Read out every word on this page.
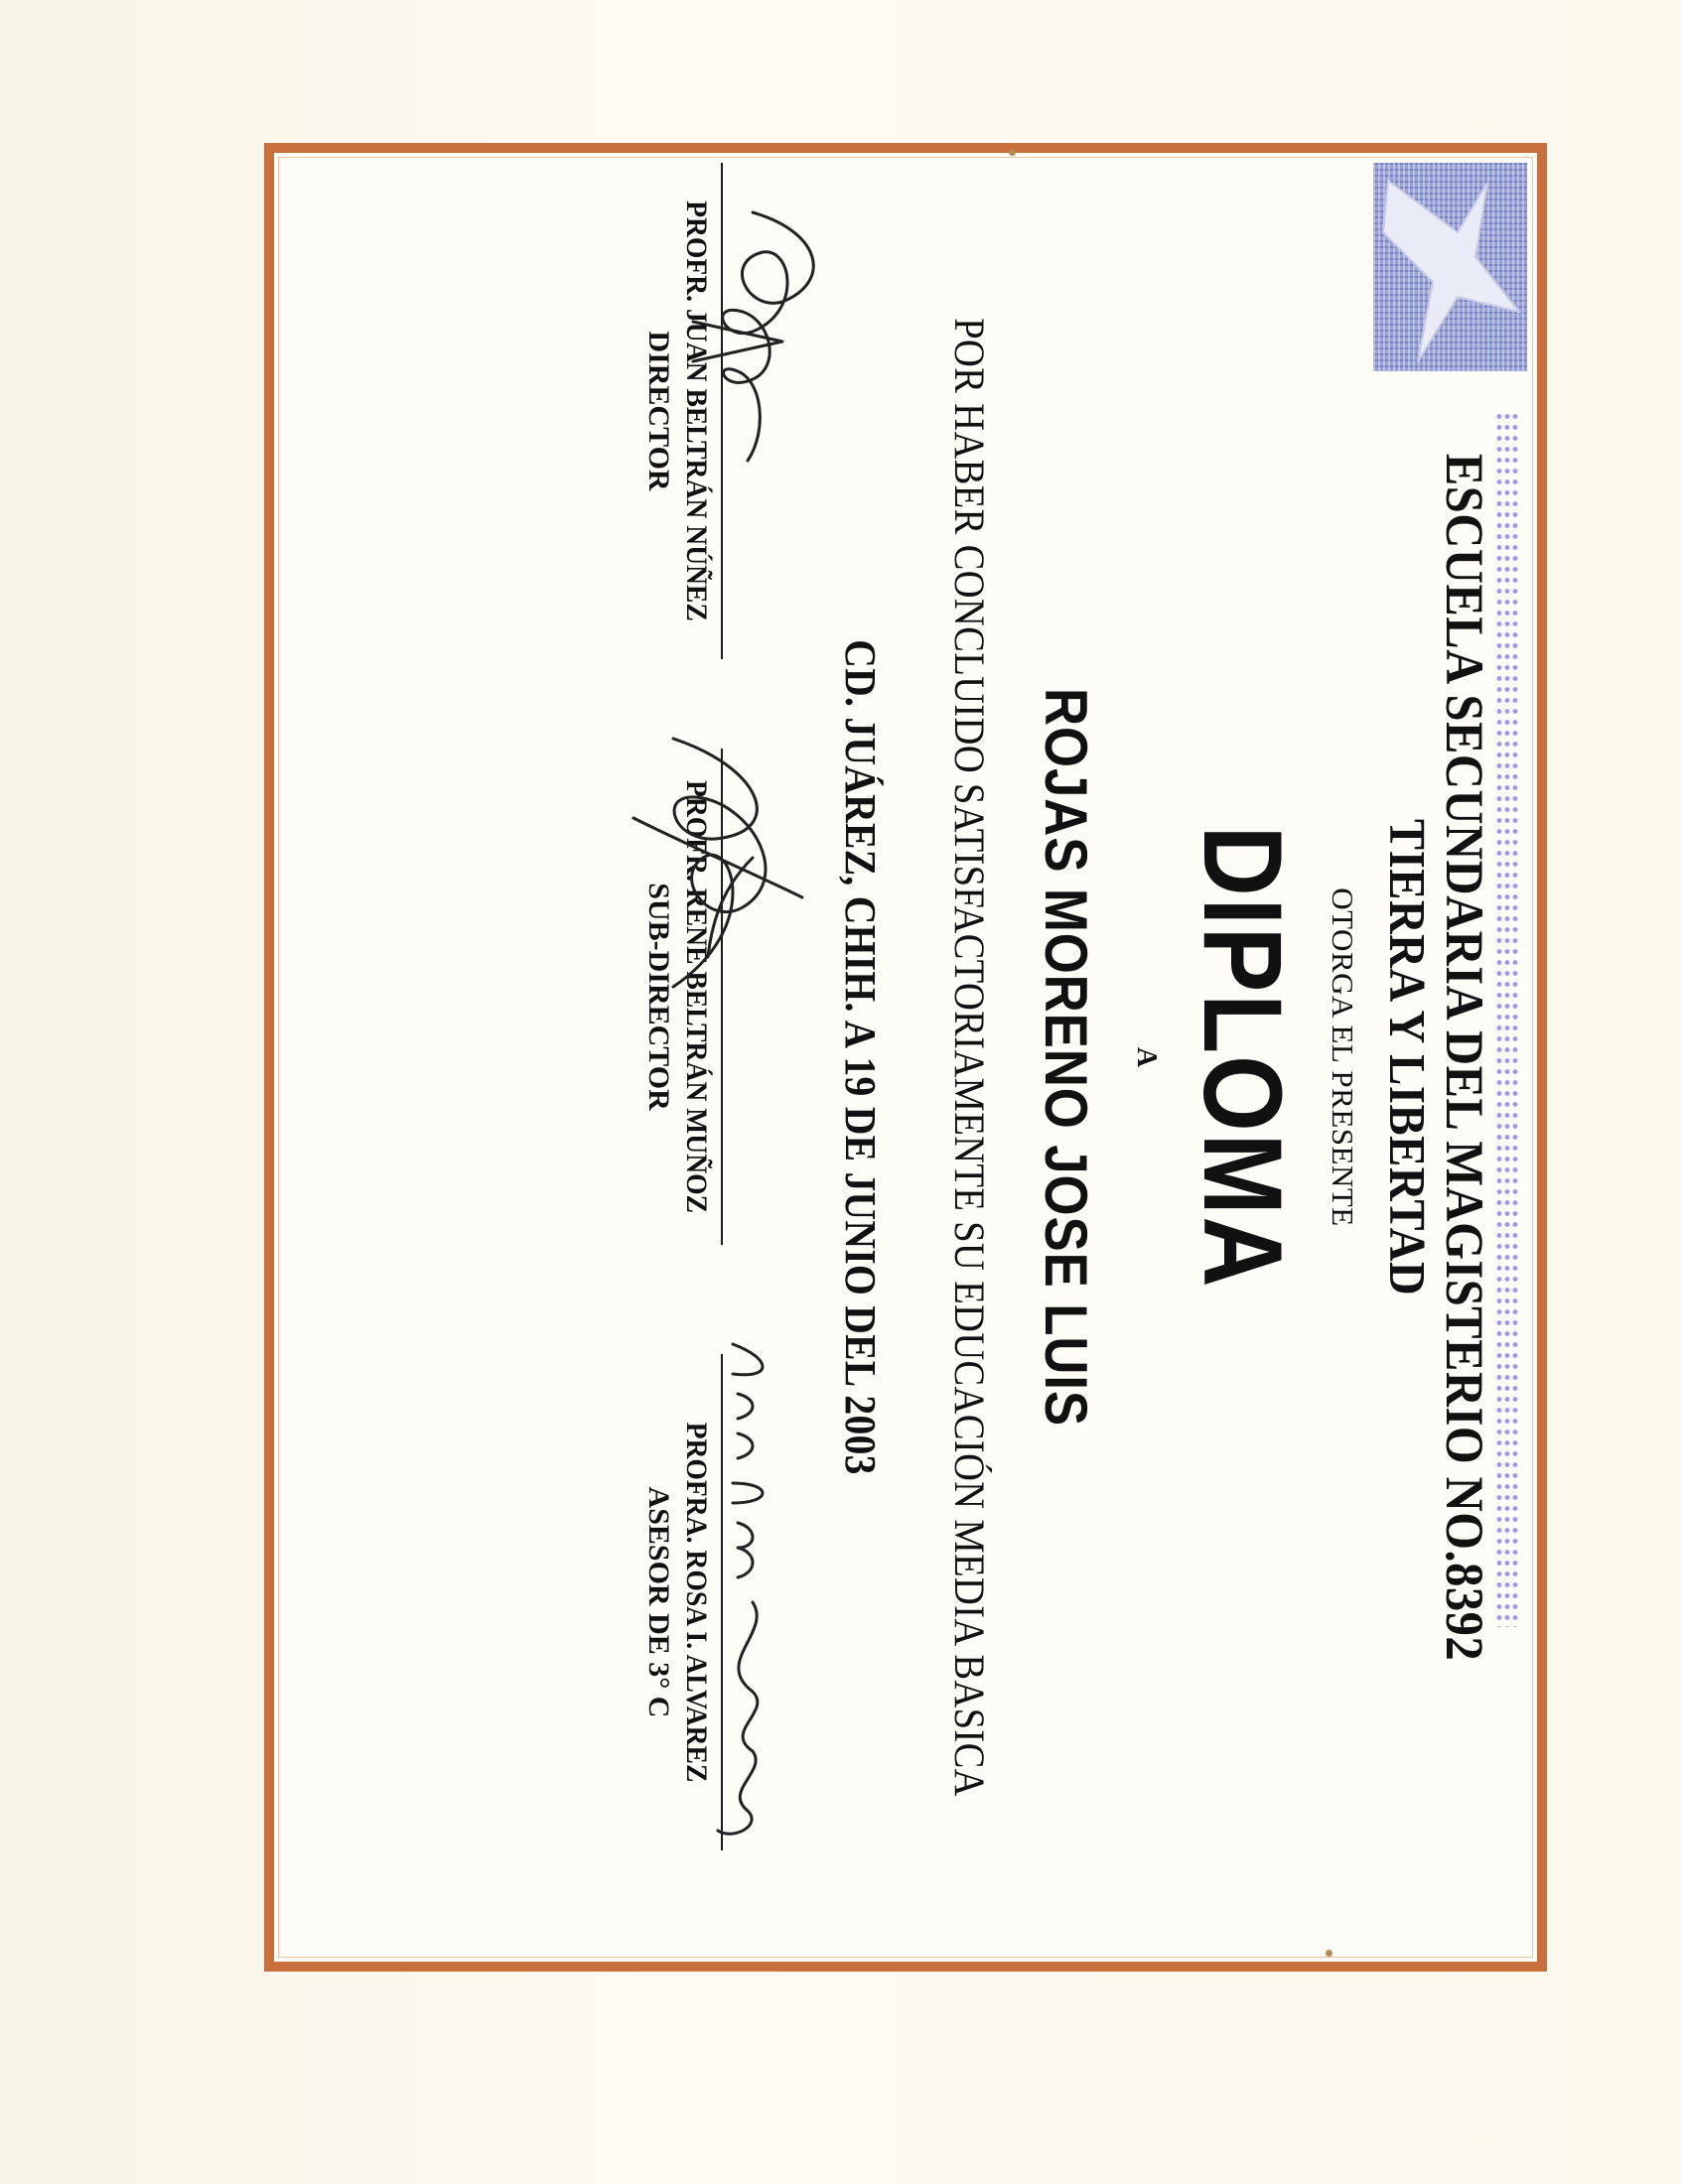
ESCUELA SECUNDARIA DEL MAGISTERIO NO.8392
TIERRA Y LIBERTAD
OTORGA EL PRESENTE
DIPLOMA
A
ROJAS MORENO JOSE LUIS
POR HABER CONCLUIDO SATISFACTORIAMENTE SU EDUCACIÓN MEDIA BASICA
CD. JUÁREZ, CHIH. A 19 DE JUNIO DEL 2003
PROFR. JUAN BELTRÁN NÚÑEZ
DIRECTOR
PROFR. RENE BELTRÁN MUÑOZ
SUB-DIRECTOR
PROFRA. ROSA I. ALVAREZ
ASESOR DE 3° C
